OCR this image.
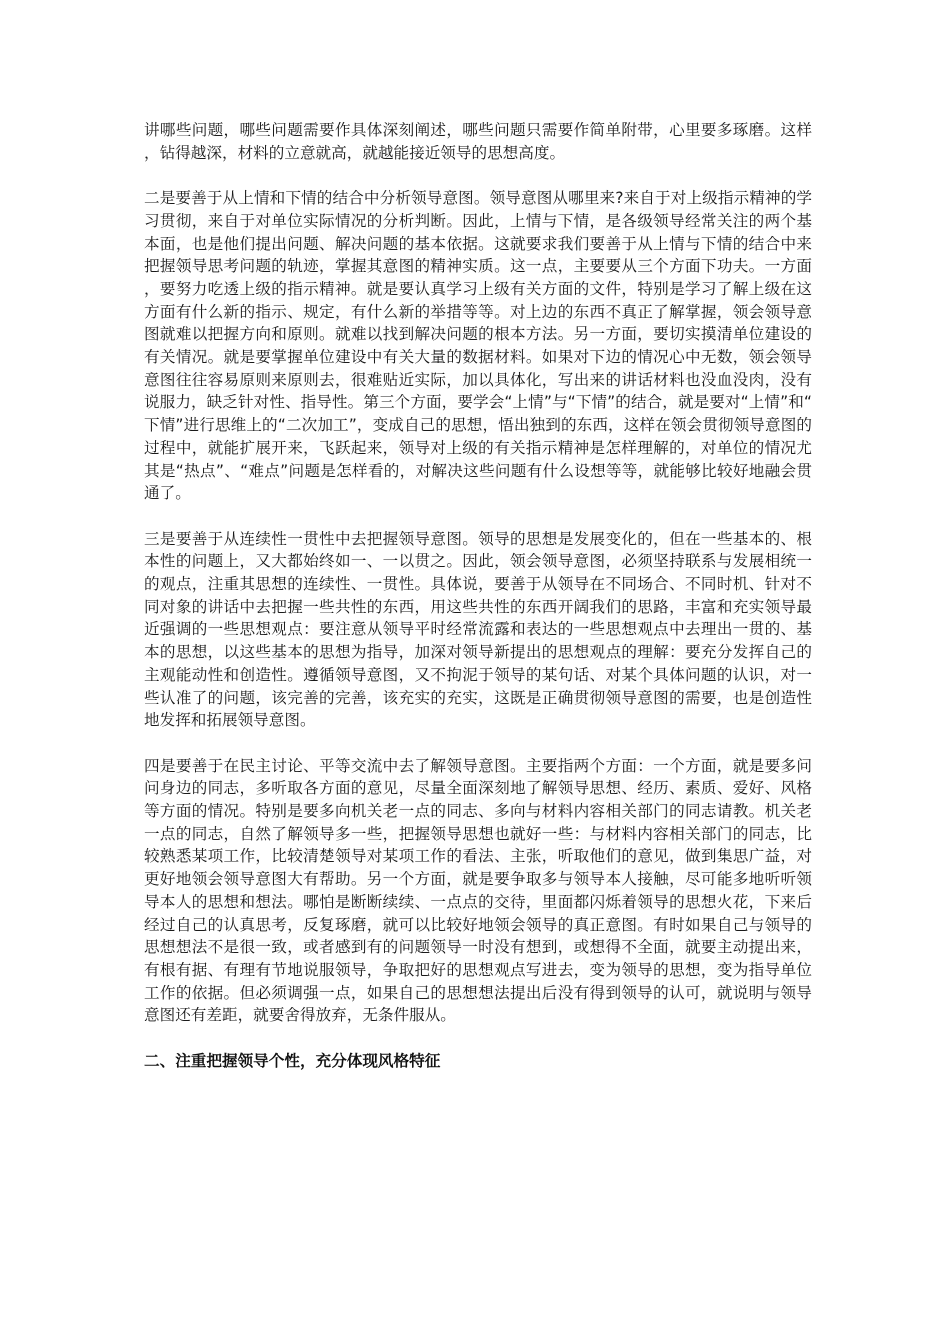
讲哪些问题，哪些问题需要作具体深刻阐述，哪些问题只需要作简单附带，心里要多琢磨。这样，钻得越深，材料的立意就高，就越能接近领导的思想高度。

二是要善于从上情和下情的结合中分析领导意图。领导意图从哪里来?来自于对上级指示精神的学习贯彻，来自于对单位实际情况的分析判断。因此，上情与下情，是各级领导经常关注的两个基本面，也是他们提出问题、解决问题的基本依据。这就要求我们要善于从上情与下情的结合中来把握领导思考问题的轨迹，掌握其意图的精神实质。这一点，主要要从三个方面下功夫。一方面，要努力吃透上级的指示精神。就是要认真学习上级有关方面的文件，特别是学习了解上级在这方面有什么新的指示、规定，有什么新的举措等等。对上边的东西不真正了解掌握，领会领导意图就难以把握方向和原则。就难以找到解决问题的根本方法。另一方面，要切实摸清单位建设的有关情况。就是要掌握单位建设中有关大量的数据材料。如果对下边的情况心中无数，领会领导意图往往容易原则来原则去，很难贴近实际，加以具体化，写出来的讲话材料也没血没肉，没有说服力，缺乏针对性、指导性。第三个方面，要学会“上情”与“下情”的结合，就是要对“上情”和“下情”进行思维上的“二次加工”，变成自己的思想，悟出独到的东西，这样在领会贯彻领导意图的过程中，就能扩展开来，飞跃起来，领导对上级的有关指示精神是怎样理解的，对单位的情况尤其是“热点”、“难点”问题是怎样看的，对解决这些问题有什么设想等等，就能够比较好地融会贯通了。

三是要善于从连续性一贯性中去把握领导意图。领导的思想是发展变化的，但在一些基本的、根本性的问题上，又大都始终如一、一以贯之。因此，领会领导意图，必须坚持联系与发展相统一的观点，注重其思想的连续性、一贯性。具体说，要善于从领导在不同场合、不同时机、针对不同对象的讲话中去把握一些共性的东西，用这些共性的东西开阔我们的思路，丰富和充实领导最近强调的一些思想观点：要注意从领导平时经常流露和表达的一些思想观点中去理出一贯的、基本的思想，以这些基本的思想为指导，加深对领导新提出的思想观点的理解：要充分发挥自己的主观能动性和创造性。遵循领导意图，又不拘泥于领导的某句话、对某个具体问题的认识，对一些认准了的问题，该完善的完善，该充实的充实，这既是正确贯彻领导意图的需要，也是创造性地发挥和拓展领导意图。

四是要善于在民主讨论、平等交流中去了解领导意图。主要指两个方面：一个方面，就是要多问问身边的同志，多听取各方面的意见，尽量全面深刻地了解领导思想、经历、素质、爱好、风格等方面的情况。特别是要多向机关老一点的同志、多向与材料内容相关部门的同志请教。机关老一点的同志，自然了解领导多一些，把握领导思想也就好一些：与材料内容相关部门的同志，比较熟悉某项工作，比较清楚领导对某项工作的看法、主张，听取他们的意见，做到集思广益，对更好地领会领导意图大有帮助。另一个方面，就是要争取多与领导本人接触，尽可能多地听听领导本人的思想和想法。哪怕是断断续续、一点点的交待，里面都闪烁着领导的思想火花，下来后经过自己的认真思考，反复琢磨，就可以比较好地领会领导的真正意图。有时如果自己与领导的思想想法不是很一致，或者感到有的问题领导一时没有想到，或想得不全面，就要主动提出来，有根有据、有理有节地说服领导，争取把好的思想观点写进去，变为领导的思想，变为指导单位工作的依据。但必须调强一点，如果自己的思想想法提出后没有得到领导的认可，就说明与领导意图还有差距，就要舍得放弃，无条件服从。

二、注重把握领导个性，充分体现风格特征
